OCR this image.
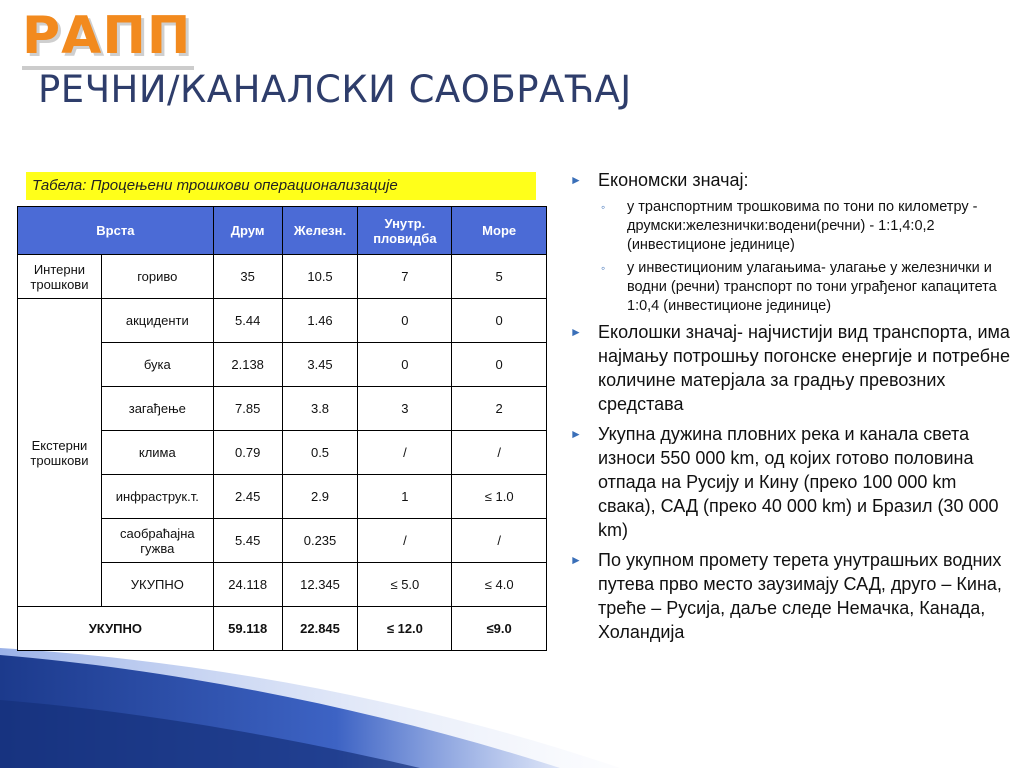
РАПП
РЕЧНИ/КАНАЛСКИ САОБРАЋАЈ
Табела: Процењени трошкови операционализације
Врста		Друм	Железн.	Унутр. пловидба	Море
Интерни трошкови	гориво	35	10.5	7	5
Екстерни трошкови	акциденти	5.44	1.46	0	0
	бука	2.138	3.45	0	0
	загађење	7.85	3.8	3	2
	клима	0.79	0.5	/	/
	инфраструк.т.	2.45	2.9	1	≤ 1.0
	саобраћајна гужва	5.45	0.235	/	/
	УКУПНО	24.118	12.345	≤ 5.0	≤ 4.0
УКУПНО		59.118	22.845	≤ 12.0	≤9.0
► Економски значај:
◦ у транспортним трошковима по тони по километру - друмски:железнички:водени(речни) - 1:1,4:0,2 (инвестиционе јединице)
◦ у инвестиционим улагањима- улагање у железнички и водни (речни) транспорт по тони уграђеног капацитета 1:0,4 (инвестиционе јединице)
► Еколошки значај- најчистији вид транспорта, има најмању потрошњу погонске енергије и потребне количине матерјала за градњу превозних средстава
► Укупна дужина пловних река и канала света износи 550 000 km, од којих готово половина отпада на Русију и Кину (преко 100 000 km свака), САД (преко 40 000 km) и Бразил (30 000 km)
► По укупном промету терета унутрашњих водних путева прво место заузимају САД, друго – Кина, треће – Русија, даље следе Немачка, Канада, Холандија
